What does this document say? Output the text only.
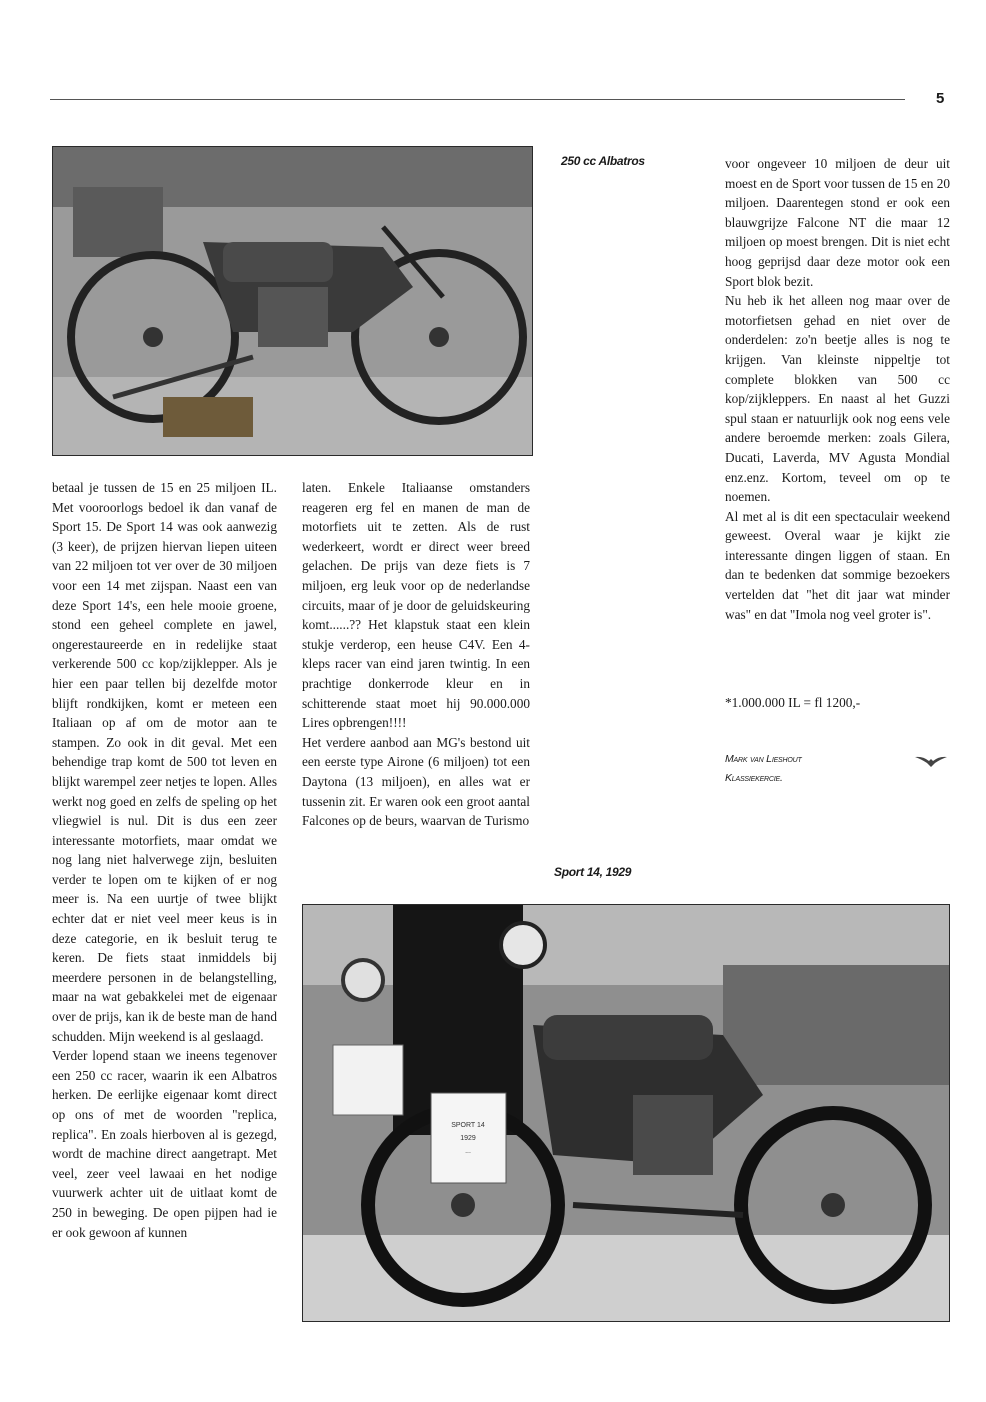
5
250 cc Albatros

betaal je tussen de 15 en 25 miljoen IL. Met vooroorlogs bedoel ik dan vanaf de Sport 15. De Sport 14 was ook aanwezig (3 keer), de prijzen hiervan liepen uiteen van 22 miljoen tot ver over de 30 miljoen voor een 14 met zijspan. Naast een van deze Sport 14's, een hele mooie groene, stond een geheel complete en jawel, ongerestaureerde en in redelijke staat verkerende 500 cc kop/zijklepper. Als je hier een paar tellen bij dezelfde motor blijft rondkijken, komt er meteen een Italiaan op af om de motor aan te stampen. Zo ook in dit geval. Met een behendige trap komt de 500 tot leven en blijkt warempel zeer netjes te lopen. Alles werkt nog goed en zelfs de speling op het vliegwiel is nul. Dit is dus een zeer interessante motorfiets, maar omdat we nog lang niet halverwege zijn, besluiten verder te lopen om te kijken of er nog meer is. Na een uurtje of twee blijkt echter dat er niet veel meer keus is in deze categorie, en ik besluit terug te keren. De fiets staat inmiddels bij meerdere personen in de belangstelling, maar na wat gebakkelei met de eigenaar over de prijs, kan ik de beste man de hand schudden. Mijn weekend is al geslaagd.

Verder lopend staan we ineens tegenover een 250 cc racer, waarin ik een Albatros herken. De eerlijke eigenaar komt direct op ons of met de woorden "replica, replica". En zoals hierboven al is gezegd, wordt de machine direct aangetrapt. Met veel, zeer veel lawaai en het nodige vuurwerk achter uit de uitlaat komt de 250 in beweging. De open pijpen had ie er ook gewoon af kunnen

laten. Enkele Italiaanse omstanders reageren erg fel en manen de man de motorfiets uit te zetten. Als de rust wederkeert, wordt er direct weer breed gelachen. De prijs van deze fiets is 7 miljoen, erg leuk voor op de nederlandse circuits, maar of je door de geluidskeuring komt......?? Het klapstuk staat een klein stukje verderop, een heuse C4V. Een 4-kleps racer van eind jaren twintig. In een prachtige donkerrode kleur en in schitterende staat moet hij 90.000.000 Lires opbrengen!!!!

Het verdere aanbod aan MG's bestond uit een eerste type Airone (6 miljoen) tot een Daytona (13 miljoen), en alles wat er tussenin zit. Er waren ook een groot aantal Falcones op de beurs, waarvan de Turismo

Sport 14, 1929

voor ongeveer 10 miljoen de deur uit moest en de Sport voor tussen de 15 en 20 miljoen. Daarentegen stond er ook een blauwgrijze Falcone NT die maar 12 miljoen op moest brengen. Dit is niet echt hoog geprijsd daar deze motor ook een Sport blok bezit.

Nu heb ik het alleen nog maar over de motorfietsen gehad en niet over de onderdelen: zo'n beetje alles is nog te krijgen. Van kleinste nippeltje tot complete blokken van 500 cc kop/zijkleppers. En naast al het Guzzi spul staan er natuurlijk ook nog eens vele andere beroemde merken: zoals Gilera, Ducati, Laverda, MV Agusta Mondial enz.enz. Kortom, teveel om op te noemen.

Al met al is dit een spectaculair weekend geweest. Overal waar je kijkt zie interessante dingen liggen of staan. En dan te bedenken dat sommige bezoekers vertelden dat "het dit jaar wat minder was" en dat "Imola nog veel groter is".

*1.000.000 IL = fl 1200,-
Mark van Lieshout
Klassiekercie.
SPORT 14
1929
...
